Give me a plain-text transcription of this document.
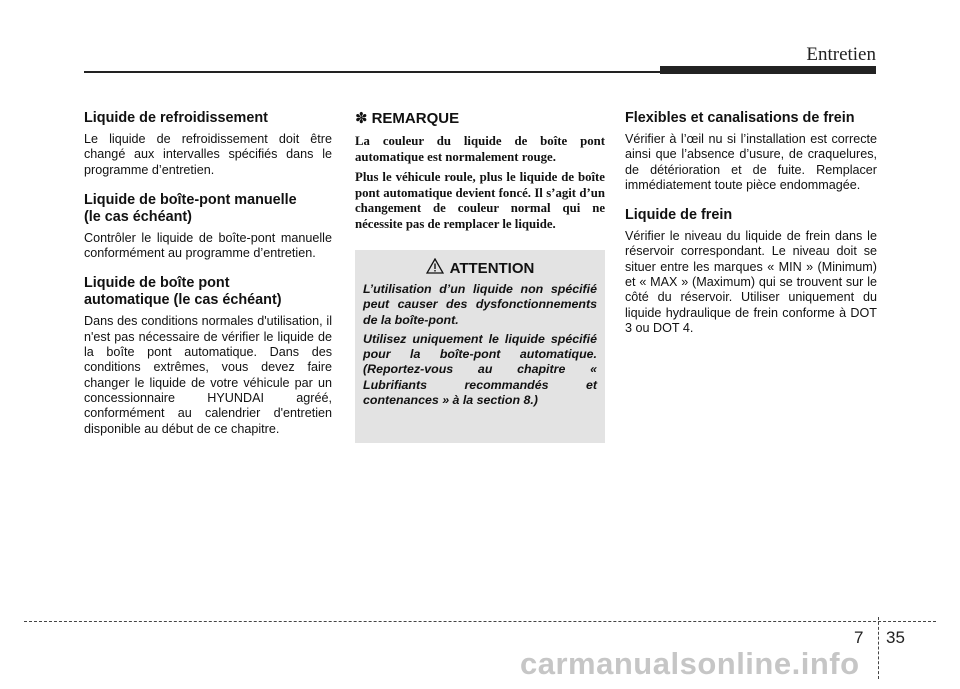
Entretien
Liquide de refroidissement
Le liquide de refroidissement doit être changé aux intervalles spécifiés dans le programme d’entretien.
Liquide de boîte-pont manuelle
(le cas échéant)
Contrôler le liquide de boîte-pont manuelle conformément au programme d’entretien.
Liquide de boîte pont
automatique (le cas échéant)
Dans des conditions normales d'utilisation, il n'est pas nécessaire de vérifier le liquide de la boîte pont automatique. Dans des conditions extrêmes, vous devez faire changer le liquide de votre véhicule par un concessionnaire HYUNDAI agréé, conformément au calendrier d'entretien disponible au début de ce chapitre.
✽ REMARQUE
La couleur du liquide de boîte pont automatique est normalement rouge.
Plus le véhicule roule, plus le liquide de boîte pont automatique devient foncé. Il s’agit d’un changement de couleur normal qui ne nécessite pas de remplacer le liquide.
ATTENTION
L’utilisation d’un liquide non spécifié peut causer des dysfonctionnements de la boîte-pont.
Utilisez uniquement le liquide spécifié pour la boîte-pont automatique. (Reportez-vous au chapitre « Lubrifiants recommandés et contenances » à la section 8.)
Flexibles et canalisations de frein
Vérifier à l’œil nu si l’installation est correcte ainsi que l’absence d’usure, de craquelures, de détérioration et de fuite. Remplacer immédiatement toute pièce endommagée.
Liquide de frein
Vérifier le niveau du liquide de frein dans le réservoir correspondant. Le niveau doit se situer entre les marques « MIN » (Minimum) et « MAX » (Maximum) qui se trouvent sur le côté du réservoir. Utiliser uniquement du liquide hydraulique de frein conforme à DOT 3 ou DOT 4.
7 35
carmanualsonline.info
